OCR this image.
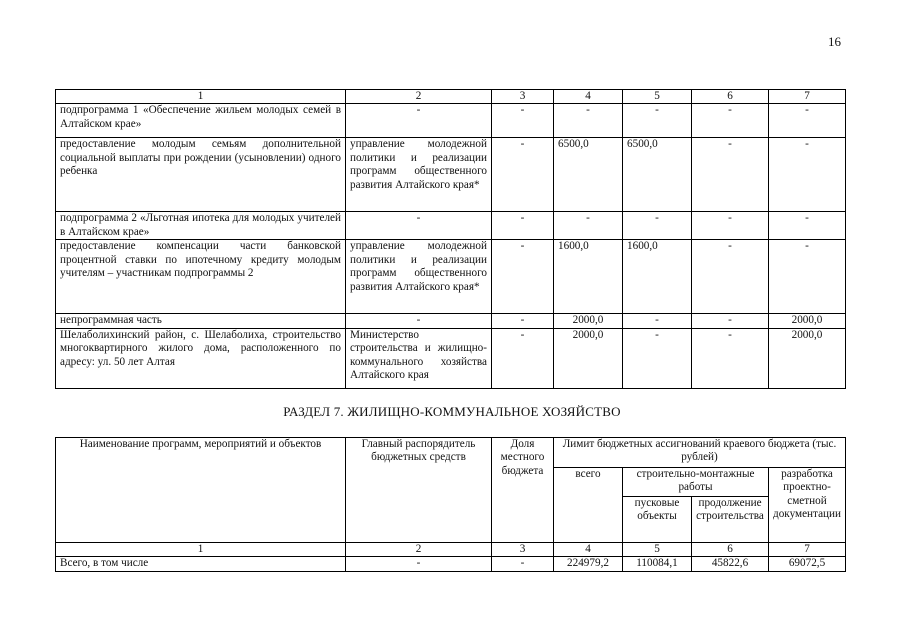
16
1	2	3	4	5	6	7
подпрограмма 1 «Обеспечение жильем молодых семей в Алтайском крае»	-	-	-	-	-	-
предоставление молодым семьям дополнительной социальной выплаты при рождении (усыновлении) одного ребенка	управление молодежной политики и реализации программ общественного развития Алтайского края*	-	6500,0	6500,0	-	-
подпрограмма 2 «Льготная ипотека для молодых учителей в Алтайском крае»	-	-	-	-	-	-
предоставление компенсации части банковской процентной ставки по ипотечному кредиту молодым учителям – участникам подпрограммы 2	управление молодежной политики и реализации программ общественного развития Алтайского края*	-	1600,0	1600,0	-	-
непрограммная часть	-	-	2000,0	-	-	2000,0
Шелаболихинский район, с. Шелаболиха, строительство многоквартирного жилого дома, расположенного по адресу: ул. 50 лет Алтая	Министерство строительства и жилищно-коммунального хозяйства Алтайского края	-	2000,0	-	-	2000,0
РАЗДЕЛ 7. ЖИЛИЩНО-КОММУНАЛЬНОЕ ХОЗЯЙСТВО
Наименование программ, мероприятий и объектов	Главный распорядитель бюджетных средств	Доля местного бюджета	Лимит бюджетных ассигнований краевого бюджета (тыс. рублей)			
			всего	строительно-монтажные работы		разработка проектно-сметной документации
				пусковые объекты	продолжение строительства	

1	2	3	4	5	6	7
Всего, в том числе	-	-	224979,2	110084,1	45822,6	69072,5
